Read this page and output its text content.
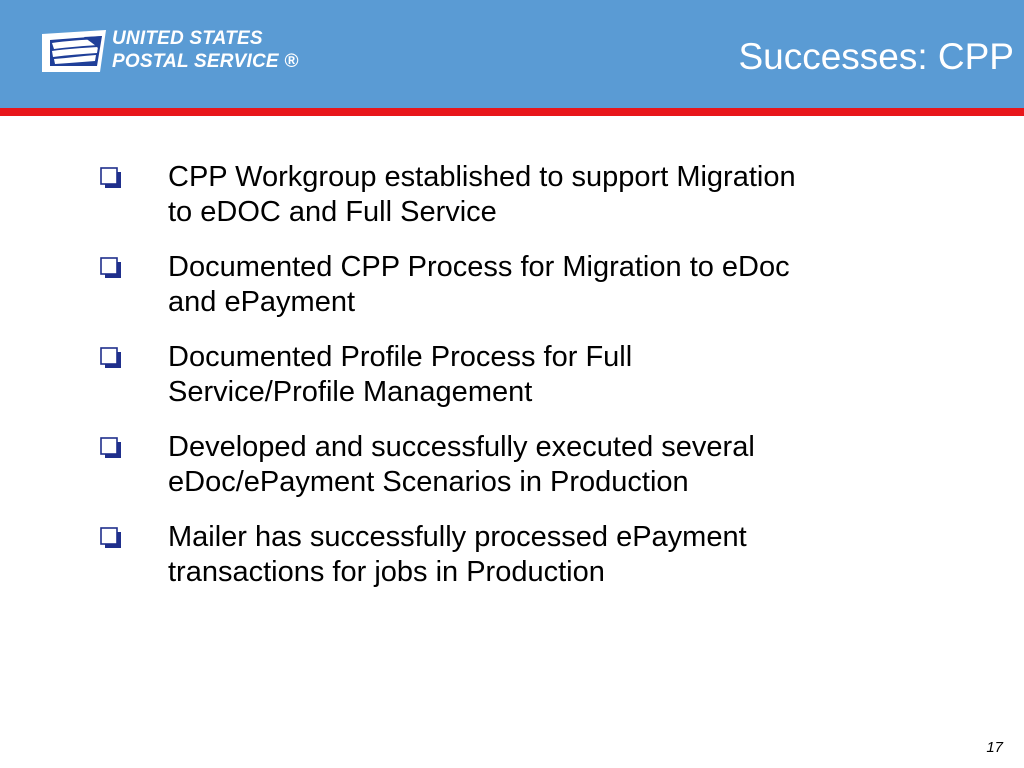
UNITED STATES
POSTAL SERVICE ®	Successes: CPP
CPP Workgroup established to support Migration
to eDOC and Full Service
Documented CPP Process for Migration to eDoc
and ePayment
Documented Profile Process for Full
Service/Profile Management
Developed and successfully executed several
eDoc/ePayment Scenarios in Production
Mailer has successfully processed ePayment
transactions for jobs in Production
17
